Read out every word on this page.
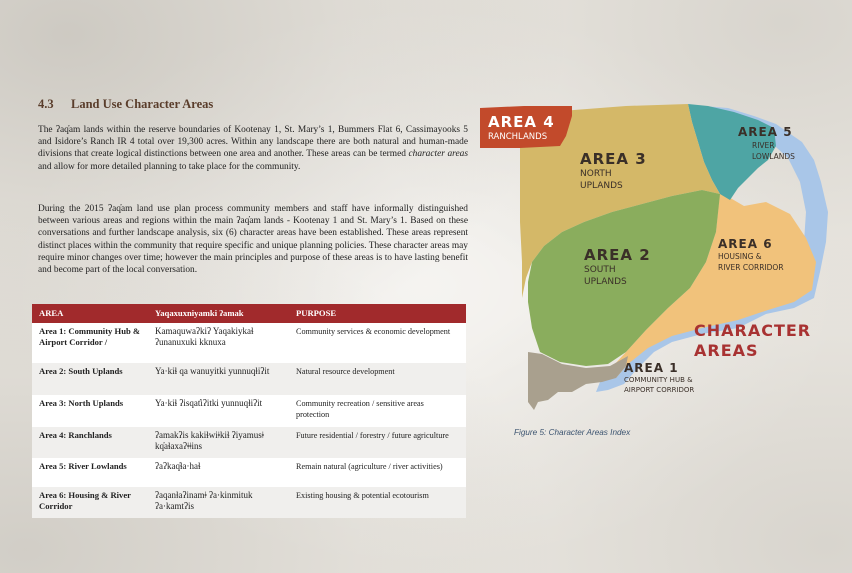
4.3 Land Use Character Areas

The ʔaq̓am lands within the reserve boundaries of Kootenay 1, St. Mary’s 1, Bummers Flat 6, Cassimayooks 5 and Isidore’s Ranch IR 4 total over 19,300 acres. Within any landscape there are both natural and human-made divisions that create logical distinctions between one area and another. These areas can be termed character areas and allow for more detailed planning to take place for the community.

During the 2015 ʔaq̓am land use plan process community members and staff have informally distinguished between various areas and regions within the main ʔaq̓am lands - Kootenay 1 and St. Mary’s 1. Based on these conversations and further landscape analysis, six (6) character areas have been established. These areas represent distinct places within the community that require specific and unique planning policies. These character areas may require minor changes over time; however the main principles and purpose of these areas is to have lasting benefit and become part of the local conversation.

AREA	Yaqaxuxniyamki ʔamak	PURPOSE
Area 1: Community Hub & Airport Corridor /	Kamaquwaʔkiʔ Yaqakiykaɬ ʔunanuxuki kknuxa	Community services & economic development
Area 2: South Uplands	Ya·kiɬ qa wanuyitki yunnuqⱡiʔit	Natural resource development
Area 3: North Uplands	Ya·kiɬ ʔisqat̓iʔitki yunnuqⱡiʔit	Community recreation / sensitive areas protection
Area 4: Ranchlands	ʔamakʔis kakiɬwiǂkiɬ ʔiyamusǂ kq̓aɬaxaʔǂǂins	Future residential / forestry / future agriculture
Area 5: River Lowlands	ʔaʔkaq̓ɬa·haɬ	Remain natural (agriculture / river activities)
Area 6: Housing & River Corridor	ʔaqanⱡaʔinamǂ ʔa·kinmituk ʔa·kamtʔis	Existing housing & potential ecotourism
AREA 4
RANCHLANDS
AREA 3
NORTH
UPLANDS
AREA 5
RIVER
LOWLANDS
AREA 2
SOUTH
UPLANDS
AREA 6
HOUSING &
RIVER CORRIDOR
CHARACTER
AREAS
AREA 1
COMMUNITY HUB &
AIRPORT CORRIDOR
Figure 5: Character Areas Index
